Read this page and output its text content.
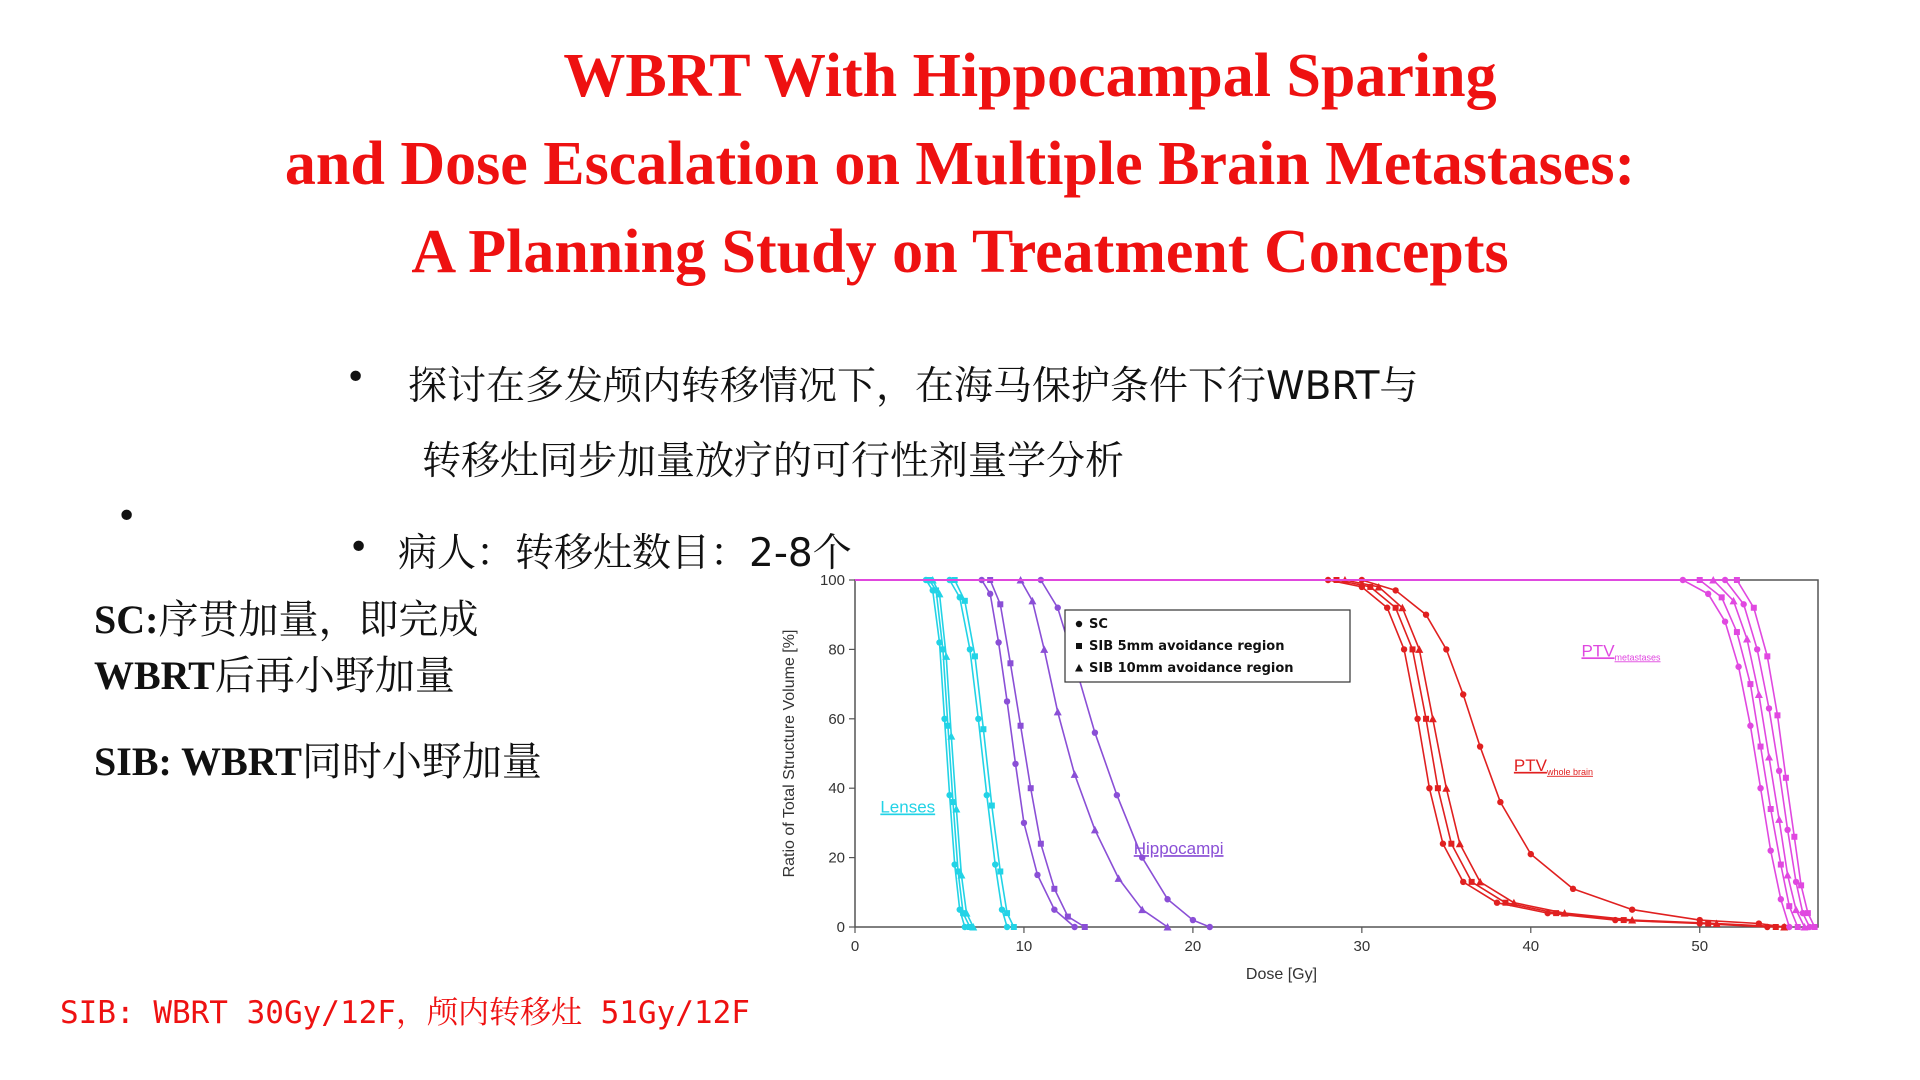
WBRT With Hippocampal Sparing
and Dose Escalation on Multiple Brain Metastases:
A Planning Study on Treatment Concepts
• 探讨在多发颅内转移情况下，在海马保护条件下行WBRT与
转移灶同步加量放疗的可行性剂量学分析
•
• 病人：转移灶数目：2-8个
SC:序贯加量，即完成
WBRT后再小野加量
SIB: WBRT同时小野加量
SIB: WBRT 30Gy/12F，颅内转移灶 51Gy/12F
0	10	20	30	40	50
0
20
40
60
80
100
Dose [Gy]
Ratio of Total Structure Volume [%]
SC
SIB 5mm avoidance region
SIB 10mm avoidance region
Lenses
Hippocampi
$PTV_{whole brain}$
$PTV_{metastases}$
